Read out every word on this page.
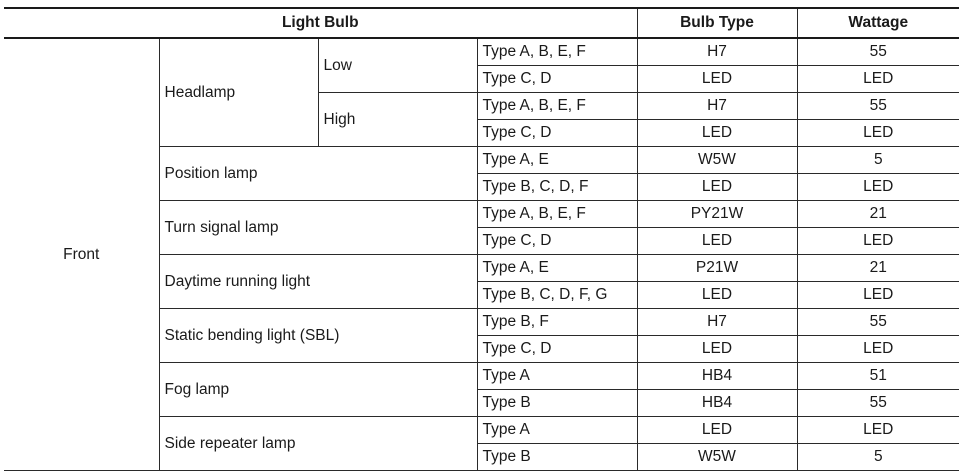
Light Bulb				Bulb Type	Wattage
Front	Headlamp	Low	Type A, B, E, F	H7	55
			Type C, D	LED	LED
		High	Type A, B, E, F	H7	55
			Type C, D	LED	LED
	Position lamp		Type A, E	W5W	5
			Type B, C, D, F	LED	LED
	Turn signal lamp		Type A, B, E, F	PY21W	21
			Type C, D	LED	LED
	Daytime running light		Type A, E	P21W	21
			Type B, C, D, F, G	LED	LED
	Static bending light (SBL)		Type B, F	H7	55
			Type C, D	LED	LED
	Fog lamp		Type A	HB4	51
			Type B	HB4	55
	Side repeater lamp		Type A	LED	LED
			Type B	W5W	5
